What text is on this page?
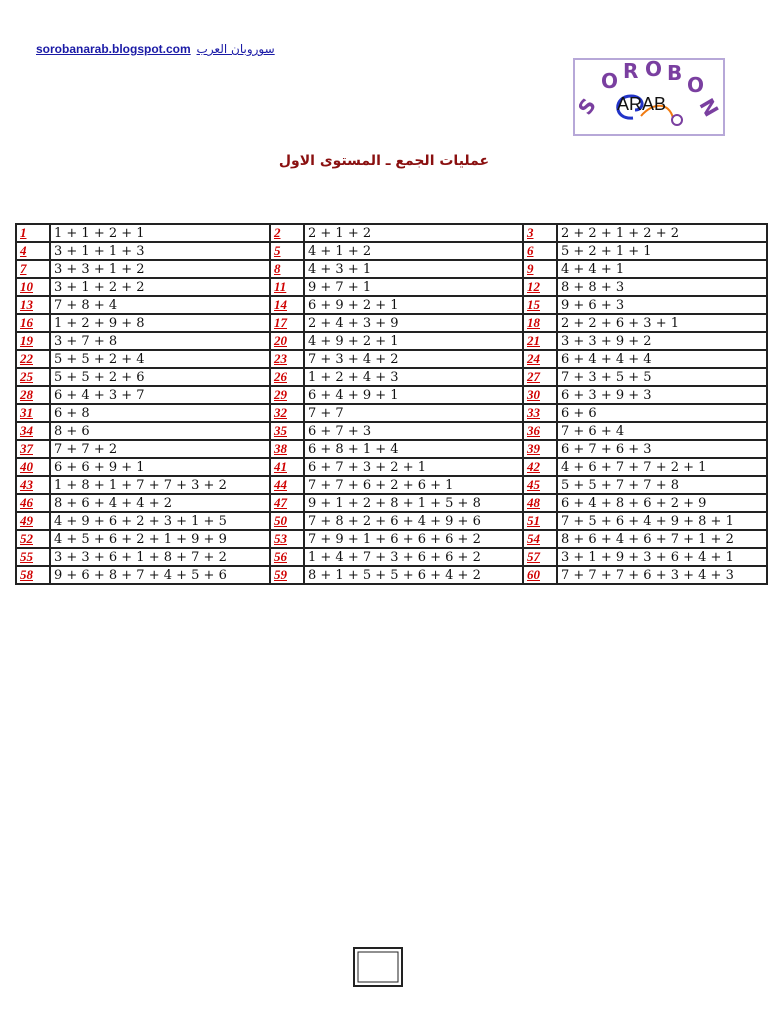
sorobanarab.blogspot.com سوروبان العرب
S
O R O B O
N
ARAB
عمليات الجمع ـ المستوى الاول
1	1 + 1 + 2 + 1	2	2 + 1 + 2	3	2 + 2 + 1 + 2 + 2
4	3 + 1 + 1 + 3	5	4 + 1 + 2	6	5 + 2 + 1 + 1
7	3 + 3 + 1 + 2	8	4 + 3 + 1	9	4 + 4 + 1
10	3 + 1 + 2 + 2	11	9 + 7 + 1	12	8 + 8 + 3
13	7 + 8 + 4	14	6 + 9 + 2 + 1	15	9 + 6 + 3
16	1 + 2 + 9 + 8	17	2 + 4 + 3 + 9	18	2 + 2 + 6 + 3 + 1
19	3 + 7 + 8	20	4 + 9 + 2 + 1	21	3 + 3 + 9 + 2
22	5 + 5 + 2 + 4	23	7 + 3 + 4 + 2	24	6 + 4 + 4 + 4
25	5 + 5 + 2 + 6	26	1 + 2 + 4 + 3	27	7 + 3 + 5 + 5
28	6 + 4 + 3 + 7	29	6 + 4 + 9 + 1	30	6 + 3 + 9 + 3
31	6 + 8	32	7 + 7	33	6 + 6
34	8 + 6	35	6 + 7 + 3	36	7 + 6 + 4
37	7 + 7 + 2	38	6 + 8 + 1 + 4	39	6 + 7 + 6 + 3
40	6 + 6 + 9 + 1	41	6 + 7 + 3 + 2 + 1	42	4 + 6 + 7 + 7 + 2 + 1
43	1 + 8 + 1 + 7 + 7 + 3 + 2	44	7 + 7 + 6 + 2 + 6 + 1	45	5 + 5 + 7 + 7 + 8
46	8 + 6 + 4 + 4 + 2	47	9 + 1 + 2 + 8 + 1 + 5 + 8	48	6 + 4 + 8 + 6 + 2 + 9
49	4 + 9 + 6 + 2 + 3 + 1 + 5	50	7 + 8 + 2 + 6 + 4 + 9 + 6	51	7 + 5 + 6 + 4 + 9 + 8 + 1
52	4 + 5 + 6 + 2 + 1 + 9 + 9	53	7 + 9 + 1 + 6 + 6 + 6 + 2	54	8 + 6 + 4 + 6 + 7 + 1 + 2
55	3 + 3 + 6 + 1 + 8 + 7 + 2	56	1 + 4 + 7 + 3 + 6 + 6 + 2	57	3 + 1 + 9 + 3 + 6 + 4 + 1
58	9 + 6 + 8 + 7 + 4 + 5 + 6	59	8 + 1 + 5 + 5 + 6 + 4 + 2	60	7 + 7 + 7 + 6 + 3 + 4 + 3
